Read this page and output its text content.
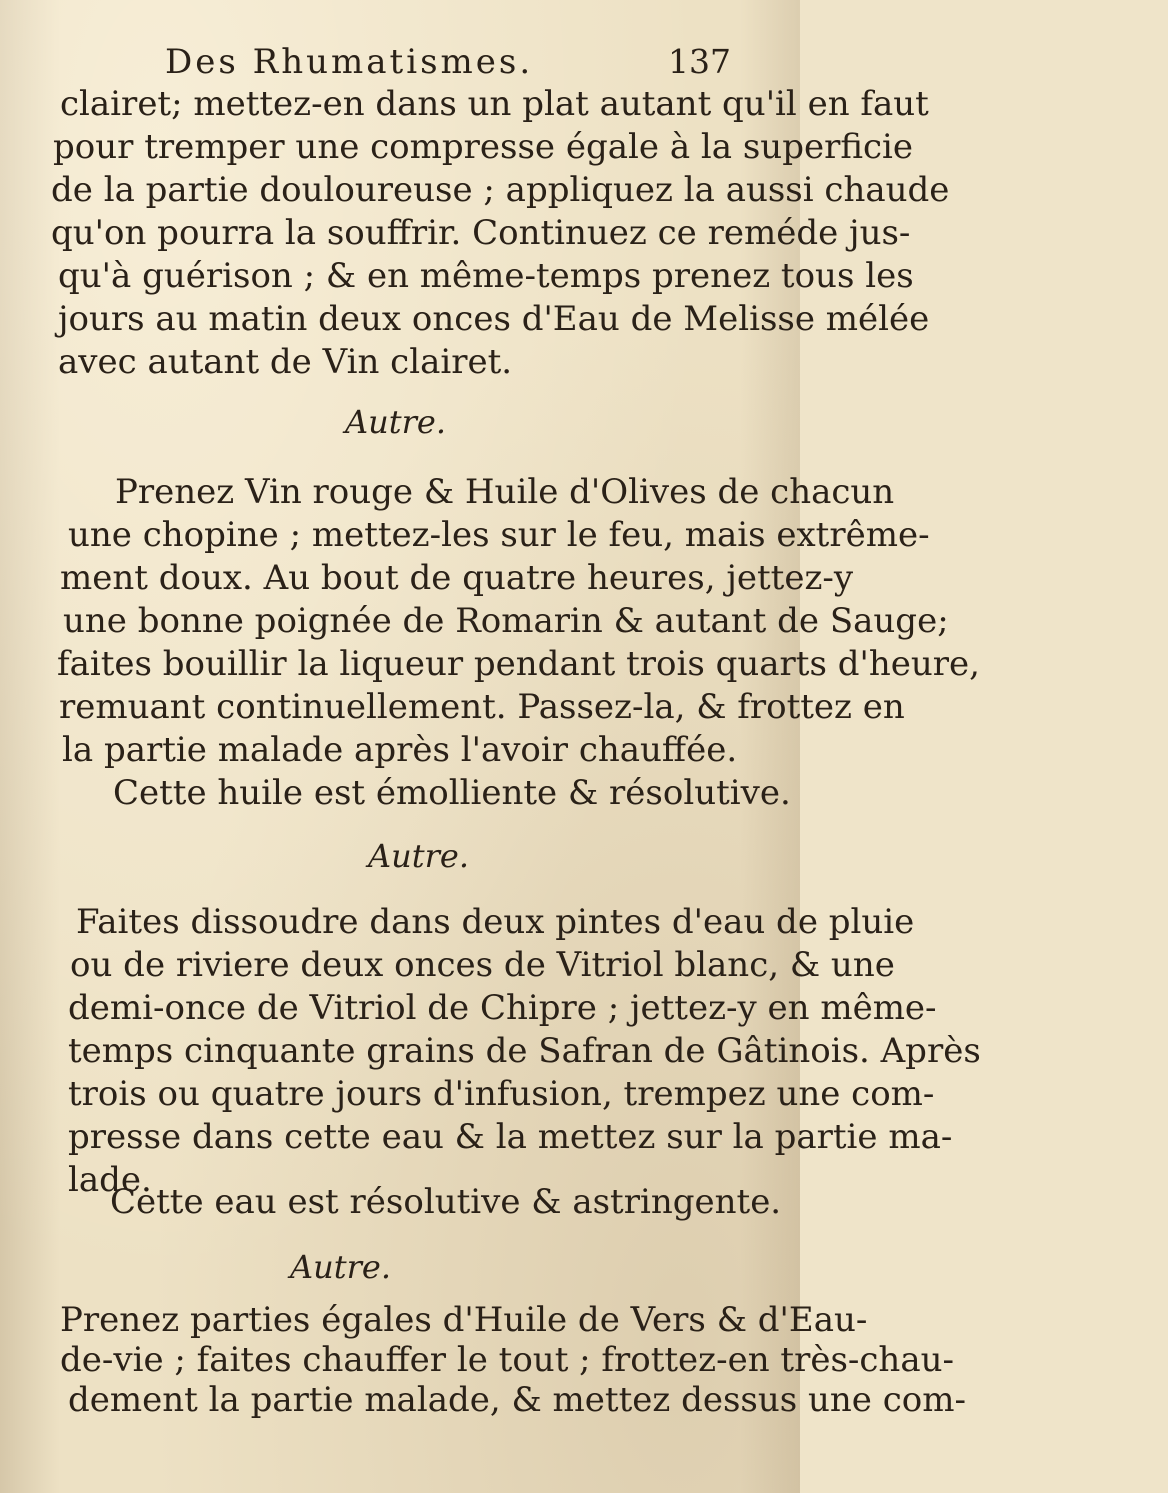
Des Rhumatismes.	137
clairet; mettez-en dans un plat autant qu'il en faut
pour tremper une compresse égale à la superficie
de la partie douloureuse ; appliquez la aussi chaude
qu'on pourra la souffrir. Continuez ce reméde jus-
qu'à guérison ; & en même-temps prenez tous les
jours au matin deux onces d'Eau de Melisse mélée
avec autant de Vin clairet.
Autre.
Prenez Vin rouge & Huile d'Olives de chacun
une chopine ; mettez-les sur le feu, mais extrême-
ment doux. Au bout de quatre heures, jettez-y
une bonne poignée de Romarin & autant de Sauge;
faites bouillir la liqueur pendant trois quarts d'heure,
remuant continuellement. Passez-la, & frottez en
la partie malade après l'avoir chauffée.
Cette huile est émolliente & résolutive.
Autre.
Faites dissoudre dans deux pintes d'eau de pluie
ou de riviere deux onces de Vitriol blanc, & une
demi-once de Vitriol de Chipre ; jettez-y en même-
temps cinquante grains de Safran de Gâtinois. Après
trois ou quatre jours d'infusion, trempez une com-
presse dans cette eau & la mettez sur la partie ma-
lade.
Cette eau est résolutive & astringente.
Autre.
Prenez parties égales d'Huile de Vers & d'Eau-
de-vie ; faites chauffer le tout ; frottez-en très-chau-
dement la partie malade, & mettez dessus une com-
